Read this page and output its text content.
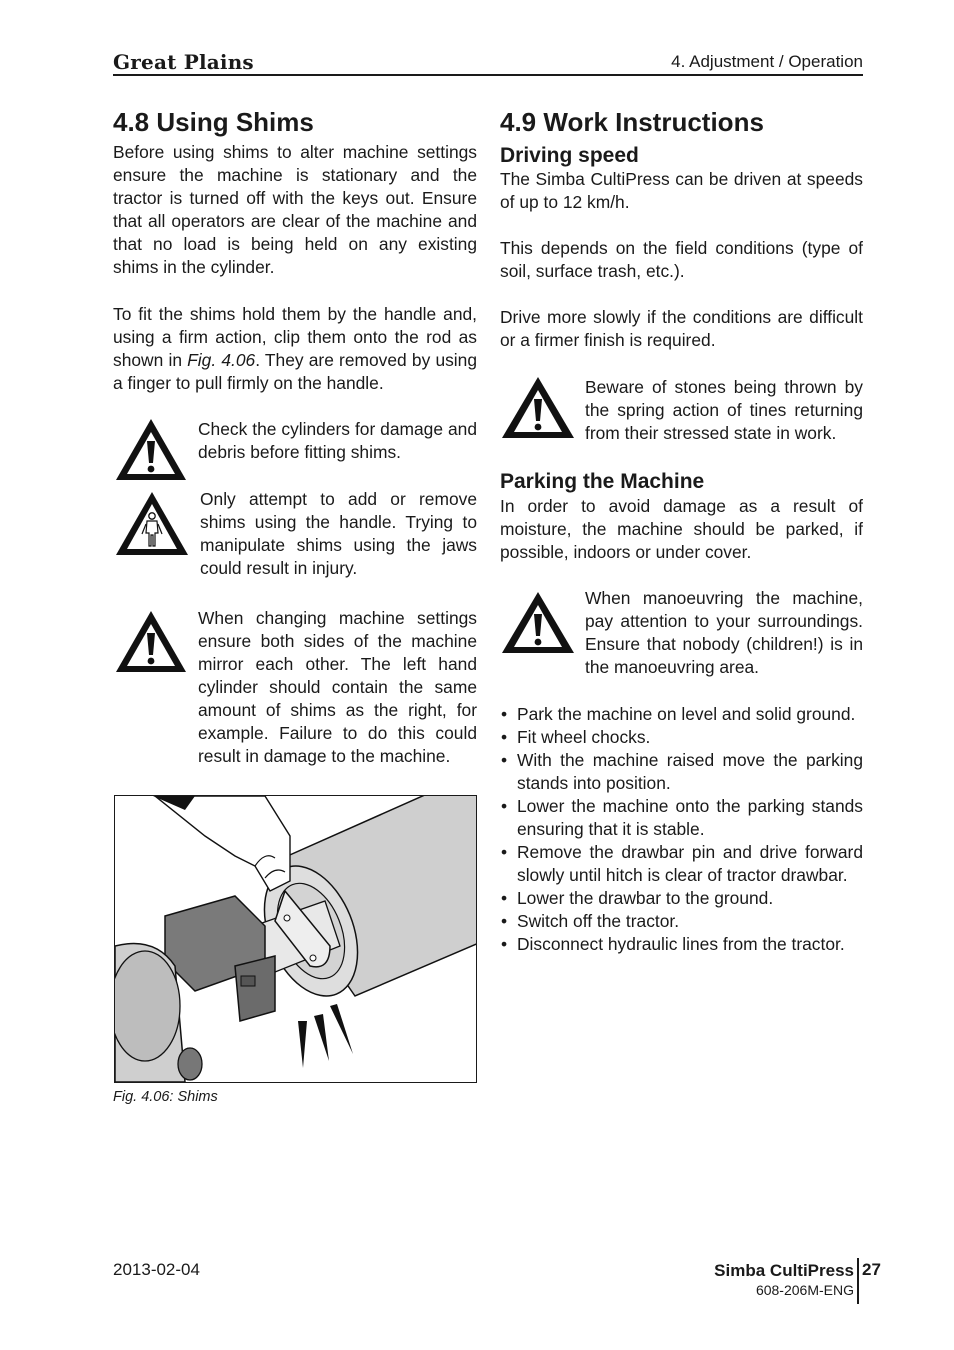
Great Plains	4. Adjustment / Operation
4.8 Using Shims

Before using shims to alter machine settings ensure the machine is stationary and the tractor is turned off with the keys out. Ensure that all operators are clear of the machine and that no load is being held on any existing shims in the cylinder.

To fit the shims hold them by the handle and, using a firm action, clip them onto the rod as shown in Fig. 4.06. They are removed by using a finger to pull firmly on the handle.

Check the cylinders for damage and debris before fitting shims.

Only attempt to add or remove shims using the handle. Trying to manipulate shims using the jaws could result in injury.

When changing machine settings ensure both sides of the machine mirror each other. The left hand cylinder should contain the same amount of shims as the right, for example. Failure to do this could result in damage to the machine.

Fig. 4.06: Shims
4.9 Work Instructions
Driving speed

The Simba CultiPress can be driven at speeds of up to 12 km/h.

This depends on the field conditions (type of soil, surface trash, etc.).

Drive more slowly if the conditions are difficult or a firmer finish is required.

Beware of stones being thrown by the spring action of tines returning from their stressed state in work.

Parking the Machine

In order to avoid damage as a result of moisture, the machine should be parked, if possible, indoors or under cover.

When manoeuvring the machine, pay attention to your surroundings. Ensure that nobody (children!) is in the manoeuvring area.

• Park the machine on level and solid ground.
• Fit wheel chocks.
• With the machine raised move the parking stands into position.
• Lower the machine onto the parking stands ensuring that it is stable.
• Remove the drawbar pin and drive forward slowly until hitch is clear of tractor drawbar.
• Lower the drawbar to the ground.
• Switch off the tractor.
• Disconnect hydraulic lines from the tractor.
2013-02-04	Simba CultiPress
608-206M-ENG
27
